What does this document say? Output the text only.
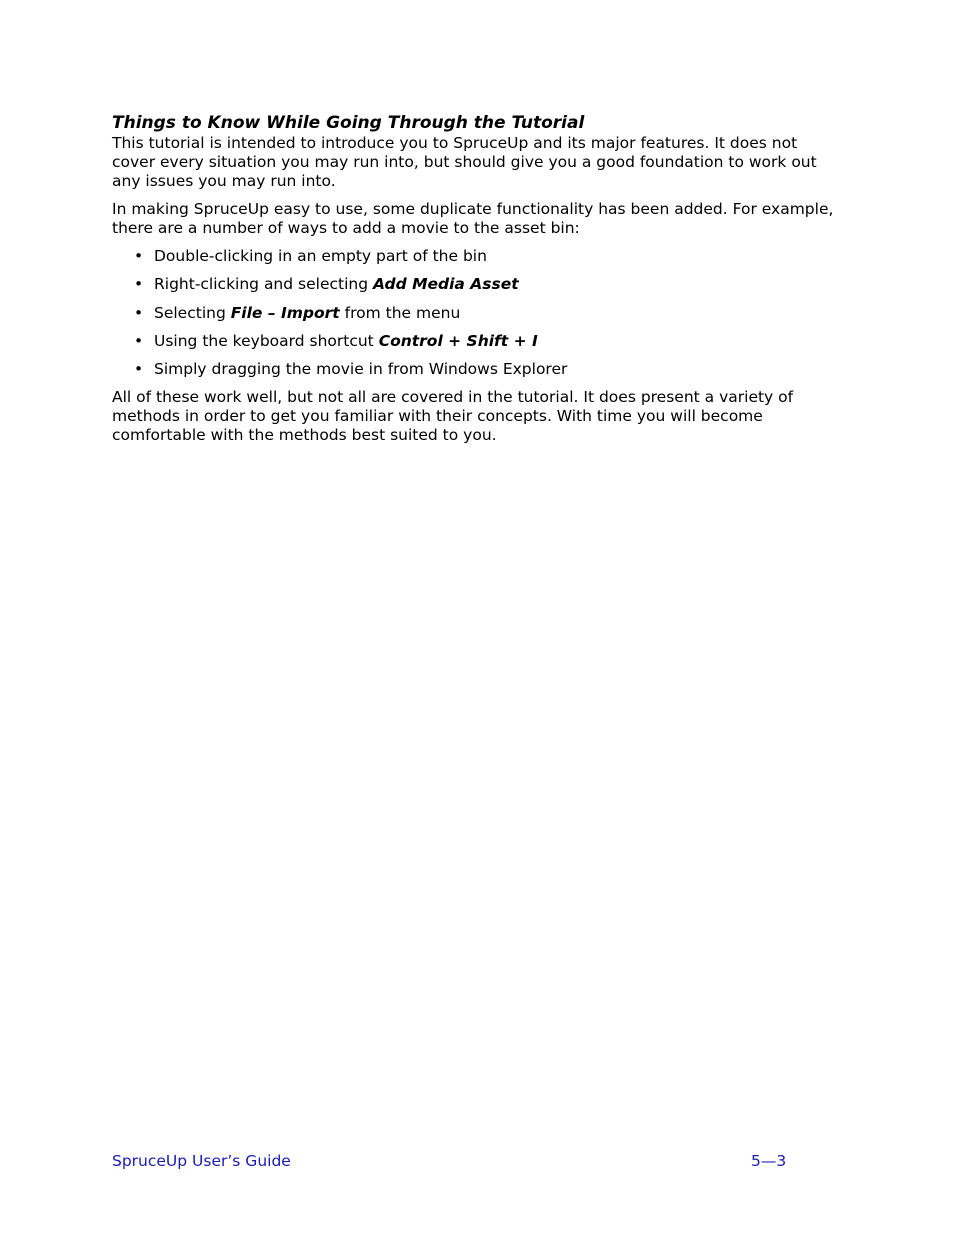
Things to Know While Going Through the Tutorial

This tutorial is intended to introduce you to SpruceUp and its major features. It does not cover every situation you may run into, but should give you a good foundation to work out any issues you may run into.

In making SpruceUp easy to use, some duplicate functionality has been added. For example, there are a number of ways to add a movie to the asset bin:

• Double-clicking in an empty part of the bin
• Right-clicking and selecting Add Media Asset
• Selecting File – Import from the menu
• Using the keyboard shortcut Control + Shift + I
• Simply dragging the movie in from Windows Explorer

All of these work well, but not all are covered in the tutorial. It does present a variety of methods in order to get you familiar with their concepts. With time you will become comfortable with the methods best suited to you.

SpruceUp User’s Guide	5—3
